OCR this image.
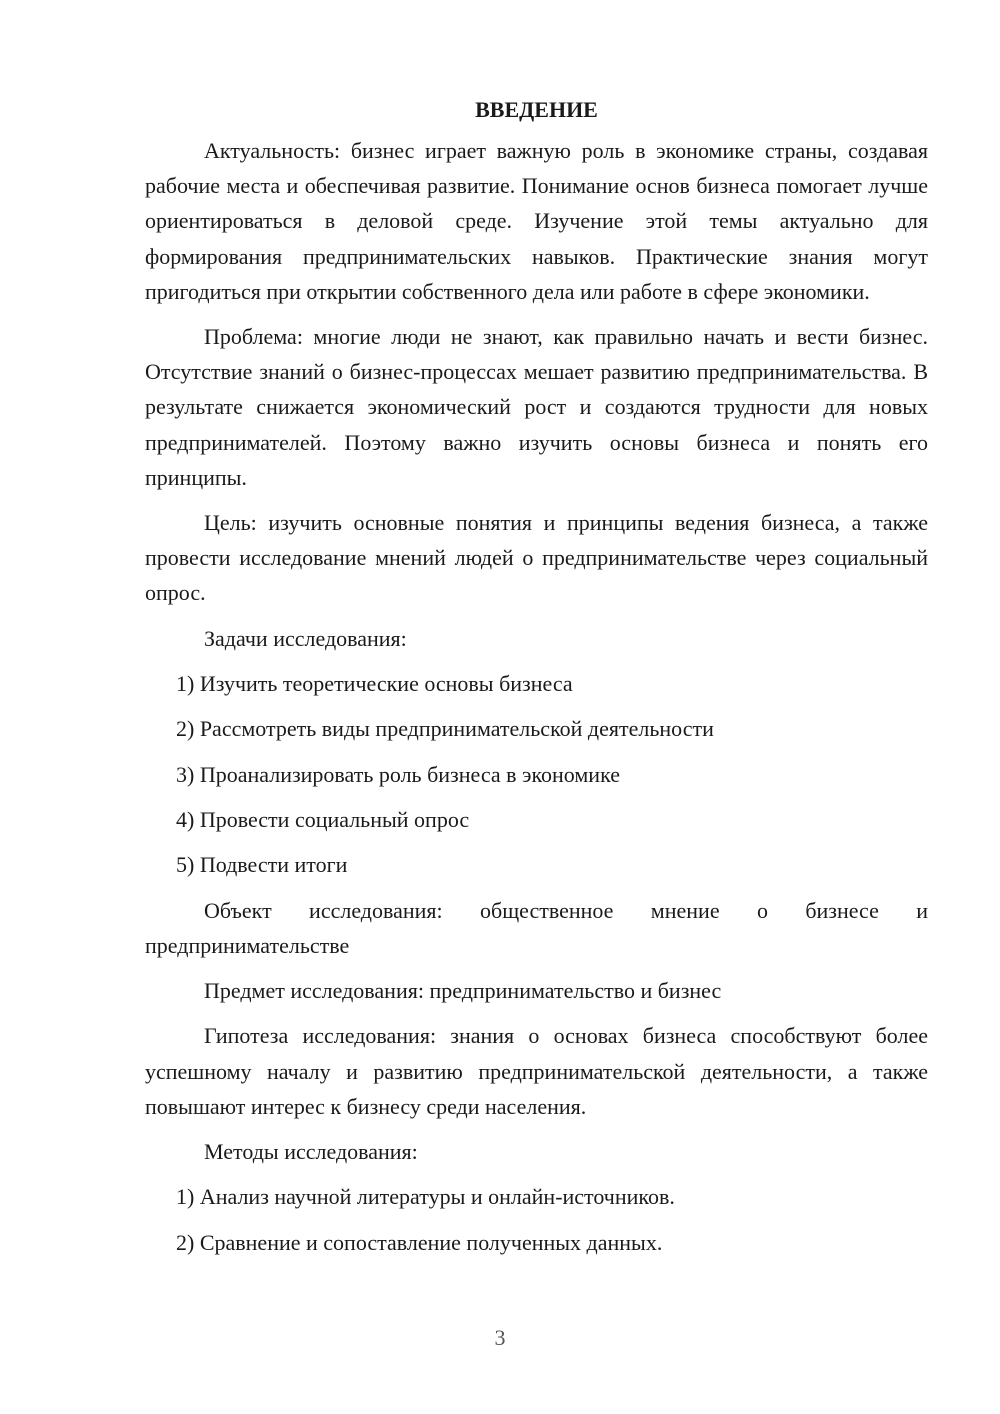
ВВЕДЕНИЕ

Актуальность: бизнес играет важную роль в экономике страны, создавая рабочие места и обеспечивая развитие. Понимание основ бизнеса помогает лучше ориентироваться в деловой среде. Изучение этой темы актуально для формирования предпринимательских навыков. Практические знания могут пригодиться при открытии собственного дела или работе в сфере экономики.

Проблема: многие люди не знают, как правильно начать и вести бизнес. Отсутствие знаний о бизнес-процессах мешает развитию предпринимательства. В результате снижается экономический рост и создаются трудности для новых предпринимателей. Поэтому важно изучить основы бизнеса и понять его принципы.

Цель: изучить основные понятия и принципы ведения бизнеса, а также провести исследование мнений людей о предпринимательстве через социальный опрос.

Задачи исследования:

1) Изучить теоретические основы бизнеса
2) Рассмотреть виды предпринимательской деятельности
3) Проанализировать роль бизнеса в экономике
4) Провести социальный опрос
5) Подвести итоги

Объект исследования: общественное мнение о бизнесе и предпринимательстве

Предмет исследования: предпринимательство и бизнес

Гипотеза исследования: знания о основах бизнеса способствуют более успешному началу и развитию предпринимательской деятельности, а также повышают интерес к бизнесу среди населения.

Методы исследования:

1) Анализ научной литературы и онлайн-источников.
2) Сравнение и сопоставление полученных данных.
3
